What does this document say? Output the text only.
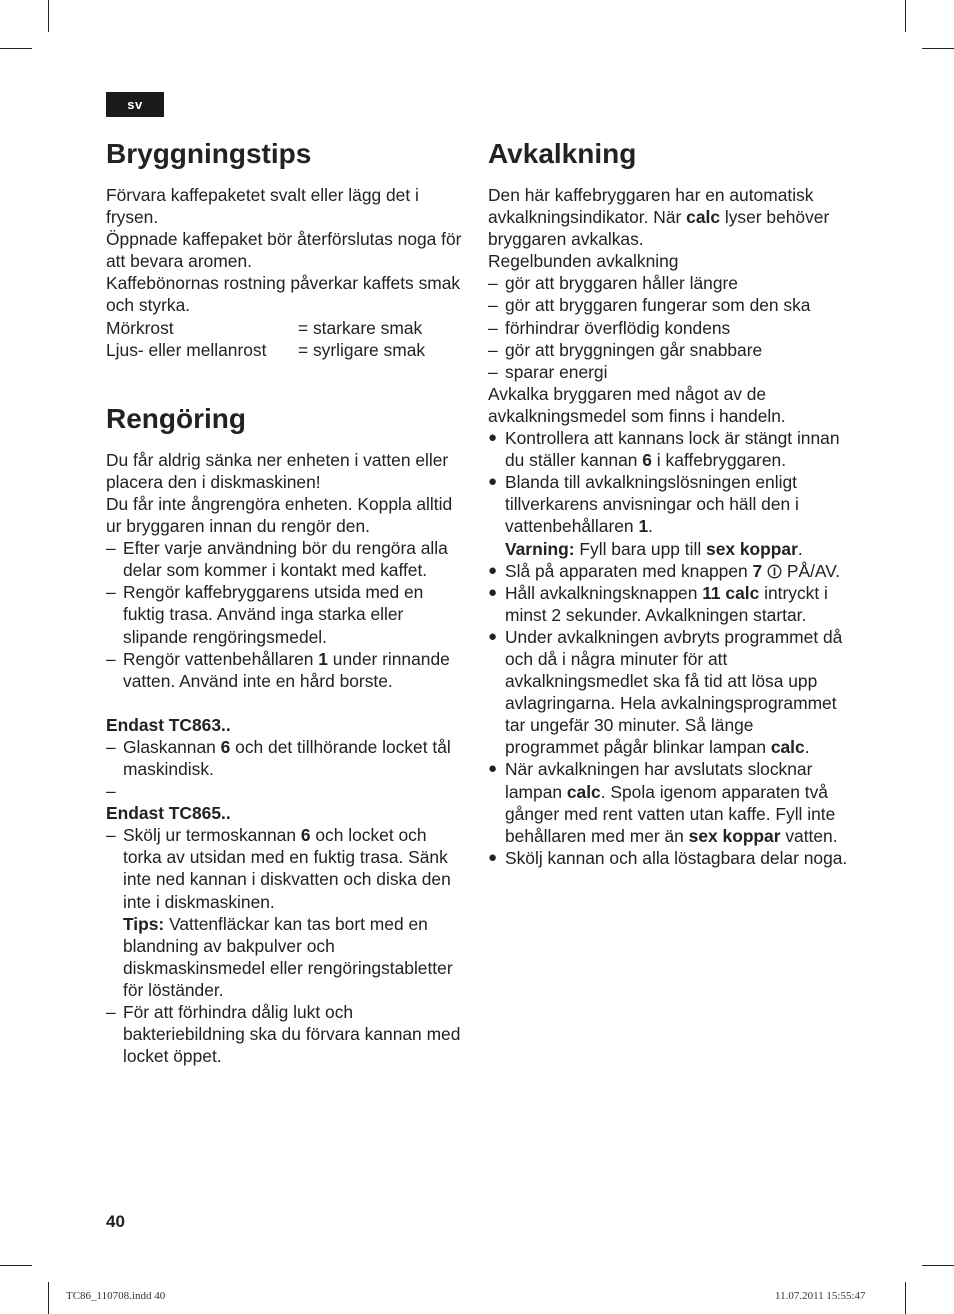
sv
Bryggningstips

Förvara kaffepaketet svalt eller lägg det i frysen.

Öppnade kaffepaket bör återförslutas noga för att bevara aromen.

Kaffebönornas rostning påverkar kaffets smak och styrka.

Mörkrost	= starkare smak
Ljus- eller mellanrost	= syrligare smak
Rengöring

Du får aldrig sänka ner enheten i vatten eller placera den i diskmaskinen!

Du får inte ångrengöra enheten. Koppla alltid ur bryggaren innan du rengör den.

– Efter varje användning bör du rengöra alla delar som kommer i kontakt med kaffet.
– Rengör kaffebryggarens utsida med en fuktig trasa. Använd inga starka eller slipande rengöringsmedel.
– Rengör vattenbehållaren 1 under rinnande vatten. Använd inte en hård borste.

Endast TC863..

– Glaskannan 6 och det tillhörande locket tål maskindisk.
–

Endast TC865..

– Skölj ur termoskannan 6 och locket och torka av utsidan med en fuktig trasa. Sänk inte ned kannan i diskvatten och diska den inte i diskmaskinen.
Tips: Vattenfläckar kan tas bort med en blandning av bakpulver och diskmaskinsmedel eller rengöringstabletter för löständer.
– För att förhindra dålig lukt och bakteriebildning ska du förvara kannan med locket öppet.
Avkalkning

Den här kaffebryggaren har en automatisk avkalkningsindikator. När calc lyser behöver bryggaren avkalkas.

Regelbunden avkalkning

– gör att bryggaren håller längre
– gör att bryggaren fungerar som den ska
– förhindrar överflödig kondens
– gör att bryggningen går snabbare
– sparar energi

Avkalka bryggaren med något av de avkalkningsmedel som finns i handeln.

● Kontrollera att kannans lock är stängt innan du ställer kannan 6 i kaffebryggaren.
● Blanda till avkalkningslösningen enligt tillverkarens anvisningar och häll den i vattenbehållaren 1.
Varning: Fyll bara upp till sex koppar.
● Slå på apparaten med knappen 7  PÅ/AV.
● Håll avkalkningsknappen 11 calc intryckt i minst 2 sekunder. Avkalkningen startar.
● Under avkalkningen avbryts programmet då och då i några minuter för att avkalkningsmedlet ska få tid att lösa upp avlagringarna. Hela avkalningsprogrammet tar ungefär 30 minuter. Så länge programmet pågår blinkar lampan calc.
● När avkalkningen har avslutats slocknar lampan calc. Spola igenom apparaten två gånger med rent vatten utan kaffe. Fyll inte behållaren med mer än sex koppar vatten.
● Skölj kannan och alla löstagbara delar noga.
40
TC86_110708.indd 40	11.07.2011 15:55:47
